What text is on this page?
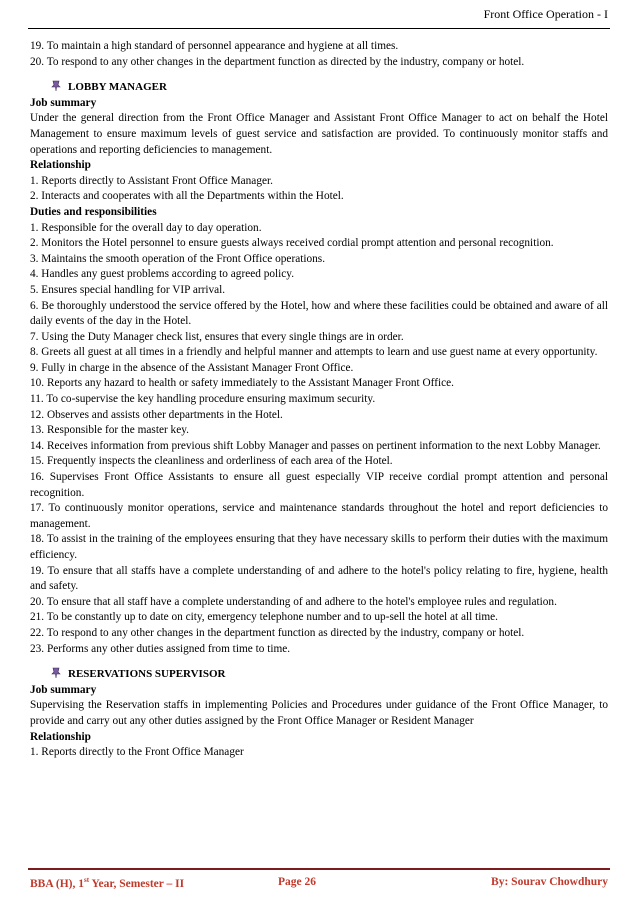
Front Office Operation - I

19. To maintain a high standard of personnel appearance and hygiene at all times.

20. To respond to any other changes in the department function as directed by the industry, company or hotel.

LOBBY MANAGER

Job summary

Under the general direction from the Front Office Manager and Assistant Front Office Manager to act on behalf the Hotel Management to ensure maximum levels of guest service and satisfaction are provided. To continuously monitor staffs and operations and reporting deficiencies to management.

Relationship

1. Reports directly to Assistant Front Office Manager.

2. Interacts and cooperates with all the Departments within the Hotel.

Duties and responsibilities

1. Responsible for the overall day to day operation.

2. Monitors the Hotel personnel to ensure guests always received cordial prompt attention and personal recognition.

3. Maintains the smooth operation of the Front Office operations.

4. Handles any guest problems according to agreed policy.

5. Ensures special handling for VIP arrival.

6. Be thoroughly understood the service offered by the Hotel, how and where these facilities could be obtained and aware of all daily events of the day in the Hotel.

7. Using the Duty Manager check list, ensures that every single things are in order.

8. Greets all guest at all times in a friendly and helpful manner and attempts to learn and use guest name at every opportunity.

9. Fully in charge in the absence of the Assistant Manager Front Office.

10. Reports any hazard to health or safety immediately to the Assistant Manager Front Office.

11. To co-supervise the key handling procedure ensuring maximum security.

12. Observes and assists other departments in the Hotel.

13. Responsible for the master key.

14. Receives information from previous shift Lobby Manager and passes on pertinent information to the next Lobby Manager.

15. Frequently inspects the cleanliness and orderliness of each area of the Hotel.

16. Supervises Front Office Assistants to ensure all guest especially VIP receive cordial prompt attention and personal recognition.

17. To continuously monitor operations, service and maintenance standards throughout the hotel and report deficiencies to management.

18. To assist in the training of the employees ensuring that they have necessary skills to perform their duties with the maximum efficiency.

19. To ensure that all staffs have a complete understanding of and adhere to the hotel's policy relating to fire, hygiene, health and safety.

20. To ensure that all staff have a complete understanding of and adhere to the hotel's employee rules and regulation.

21. To be constantly up to date on city, emergency telephone number and to up-sell the hotel at all time.

22. To respond to any other changes in the department function as directed by the industry, company or hotel.

23. Performs any other duties assigned from time to time.

RESERVATIONS SUPERVISOR

Job summary

Supervising the Reservation staffs in implementing Policies and Procedures under guidance of the Front Office Manager, to provide and carry out any other duties assigned by the Front Office Manager or Resident Manager

Relationship

1. Reports directly to the Front Office Manager

BBA (H), 1st Year, Semester – II	Page 26	By: Sourav Chowdhury
